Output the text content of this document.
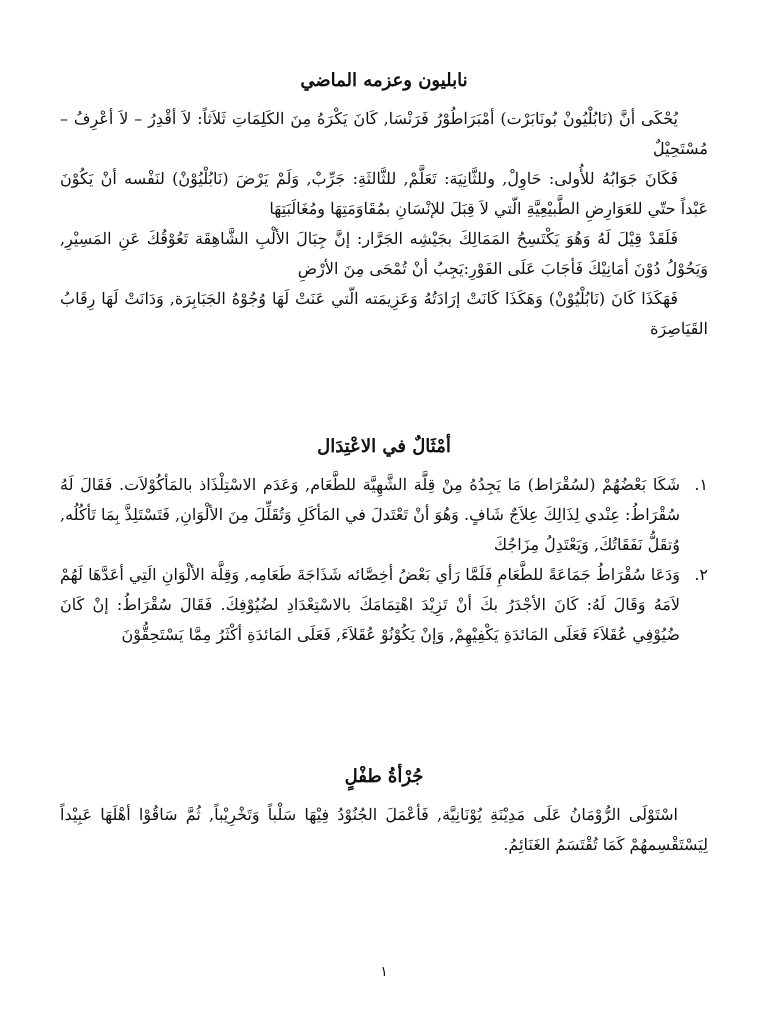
نابليون وعزمه الماضي

يُحْكَى أنَّ (نَابُلْيُونْ بُونَابَرْت) أمْبَرَاطُوْرُ فَرَنْسَا, كَانَ يَكْرَهُ مِنَ الكَلِمَاتِ ثَلاَثاً: لاَ أقْدِرُ – لاَ أعْرِفُ – مُسْتَحِيْلٌ

فَكَانَ جَوَابُهُ للأُولى: حَاوِلْ, وللثَّانِيَة: تَعَلَّمْ, للثَّالثَةِ: جَرِّبْ, وَلَمْ يَرْضَ (نَابُلْيُوْنْ) لنَفْسه أنْ يَكُوْنَ عَبْداً حتّي للعَوَارِضِ الطَّبيْعِيَّةِ الّتي لاَ قِبَلَ للإنْسَانِ بمُقَاوَمَتِهَا ومُغَالَبَتِهَا

فَلَقَدْ قِيْلَ لَهُ وَهُوَ يَكْتَسِحُ المَمَالِكَ بجَيْشِه الجَرَّار: إنَّ جِبَالَ الألْبِ الشَّاهِقَة تَعُوْقُكَ عَنِ المَسِيْرِ, وَيَحُوْلُ دُوْنَ أمَانِيْكَ فَأجَابَ عَلَى الفَوْرِ:يَجِبُ أنْ تُمْحَى مِنَ الأرْضِ

فَهَكَذَا كَانَ (نَابُلْيُوْنْ) وَهَكَذَا كَانَتْ إرَادَتُهُ وَعَزِيمَته الّتي عَنَتْ لَهَا وُجُوْهُ الجَبَابِرَة, وَدَانَتْ لَهَا رِقَابُ القَيَاصِرَة

أمْثَالٌ في الاعْتِدَال
١.

شَكَا بَعْضُهُمْ (لسُقْرَاط) مَا يَجِدُهُ مِنْ قِلَّة الشَّهِيَّة للطَّعَام, وَعَدَم الاسْتِلْذَاذ بالمَأكُوْلاَت. فَقَالَ لَهُ سُقْرَاطُ: عِنْدي لِذَالِكَ عِلاَجٌ شَافٍ. وَهُوَ أنْ تَعْتَدلَ في المَأكَلِ وَتُقَلِّلَ مِنَ الألْوَانِ, فَتَسْتَلِذَّ بِمَا تَأكُلُه, وُتقَلُّ نَفَقَاتُكَ, وَيَعْتَدِلُ مِزَاجُكَ

٢.

وَدَعَا سُقْرَاطُ جَمَاعَةً للطَّعَامِ فَلَمَّا رَأي بَعْضُ أخِصَّائه شَذَاجَةَ طَعَامِه, وَقِلَّة الألْوَانِ الَتِي أعَدَّهَا لَهُمْ لاَمَهُ وَقَالَ لَهُ: كَانَ الأجْدَرُ بكَ أنْ تَزِيْدَ اهْتِمَامَكَ بالاسْتِعْدَادِ لضُيُوْفِكَ. فَقَالَ سُقْرَاطُ: إنْ كَانَ ضُيُوْفِي عُقَلاَءَ فَعَلَى المَائدَةِ يَكْفِيْهِمْ, وَإنْ يَكُوْنُوْ عُقَلاَءَ, فَعَلَى المَائدَةِ أكْثَرُ مِمَّا يَسْتَحِقُّوْنَ

جُرْأةُ طفْلٍ

اسْتَوْلَى الرُّوْمَانُ عَلَى مَدِيْنَةِ يُوْنَانِيَّة, فَأعْمَلَ الجُنُوْدُ فِيْهَا سَلْباً وَتَخْرِيْباً, ثُمَّ سَاقُوْا أهْلَهَا عَبِيْداً لِيَسْتَقْسِمهُمْ كَمَا تُقْتَسَمُ الغَنَائِمُ.

١
